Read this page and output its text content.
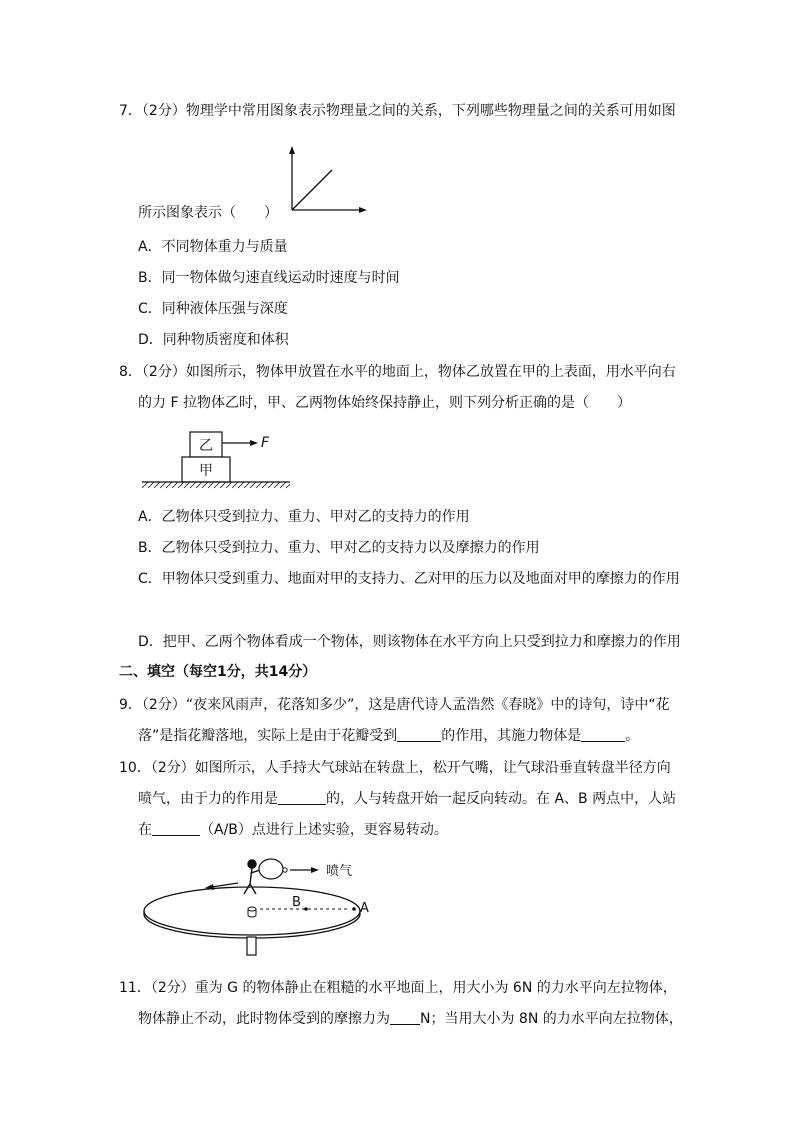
7．（2分）物理学中常用图象表示物理量之间的关系，下列哪些物理量之间的关系可用如图
所示图象表示（　　）
A．不同物体重力与质量
B．同一物体做匀速直线运动时速度与时间
C．同种液体压强与深度
D．同种物质密度和体积
8．（2分）如图所示，物体甲放置在水平的地面上，物体乙放置在甲的上表面，用水平向右
的力 F 拉物体乙时，甲、乙两物体始终保持静止，则下列分析正确的是（　　）
乙
甲
F
A．乙物体只受到拉力、重力、甲对乙的支持力的作用
B．乙物体只受到拉力、重力、甲对乙的支持力以及摩擦力的作用
C．甲物体只受到重力、地面对甲的支持力、乙对甲的压力以及地面对甲的摩擦力的作用
D．把甲、乙两个物体看成一个物体，则该物体在水平方向上只受到拉力和摩擦力的作用
二、填空（每空1分，共14分）
9．（2分）“夜来风雨声，花落知多少”，这是唐代诗人孟浩然《春晓》中的诗句，诗中“花
落”是指花瓣落地，实际上是由于花瓣受到	的作用，其施力物体是	。
10．（2分）如图所示，人手持大气球站在转盘上，松开气嘴，让气球沿垂直转盘半径方向
喷气，由于力的作用是	的，人与转盘开始一起反向转动。在 A、B 两点中，人站
在	（A/B）点进行上述实验，更容易转动。
B	A
喷气
11．（2分）重为 G 的物体静止在粗糙的水平地面上，用大小为 6N 的力水平向左拉物体，
物体静止不动，此时物体受到的摩擦力为 N；当用大小为 8N 的力水平向左拉物体，
